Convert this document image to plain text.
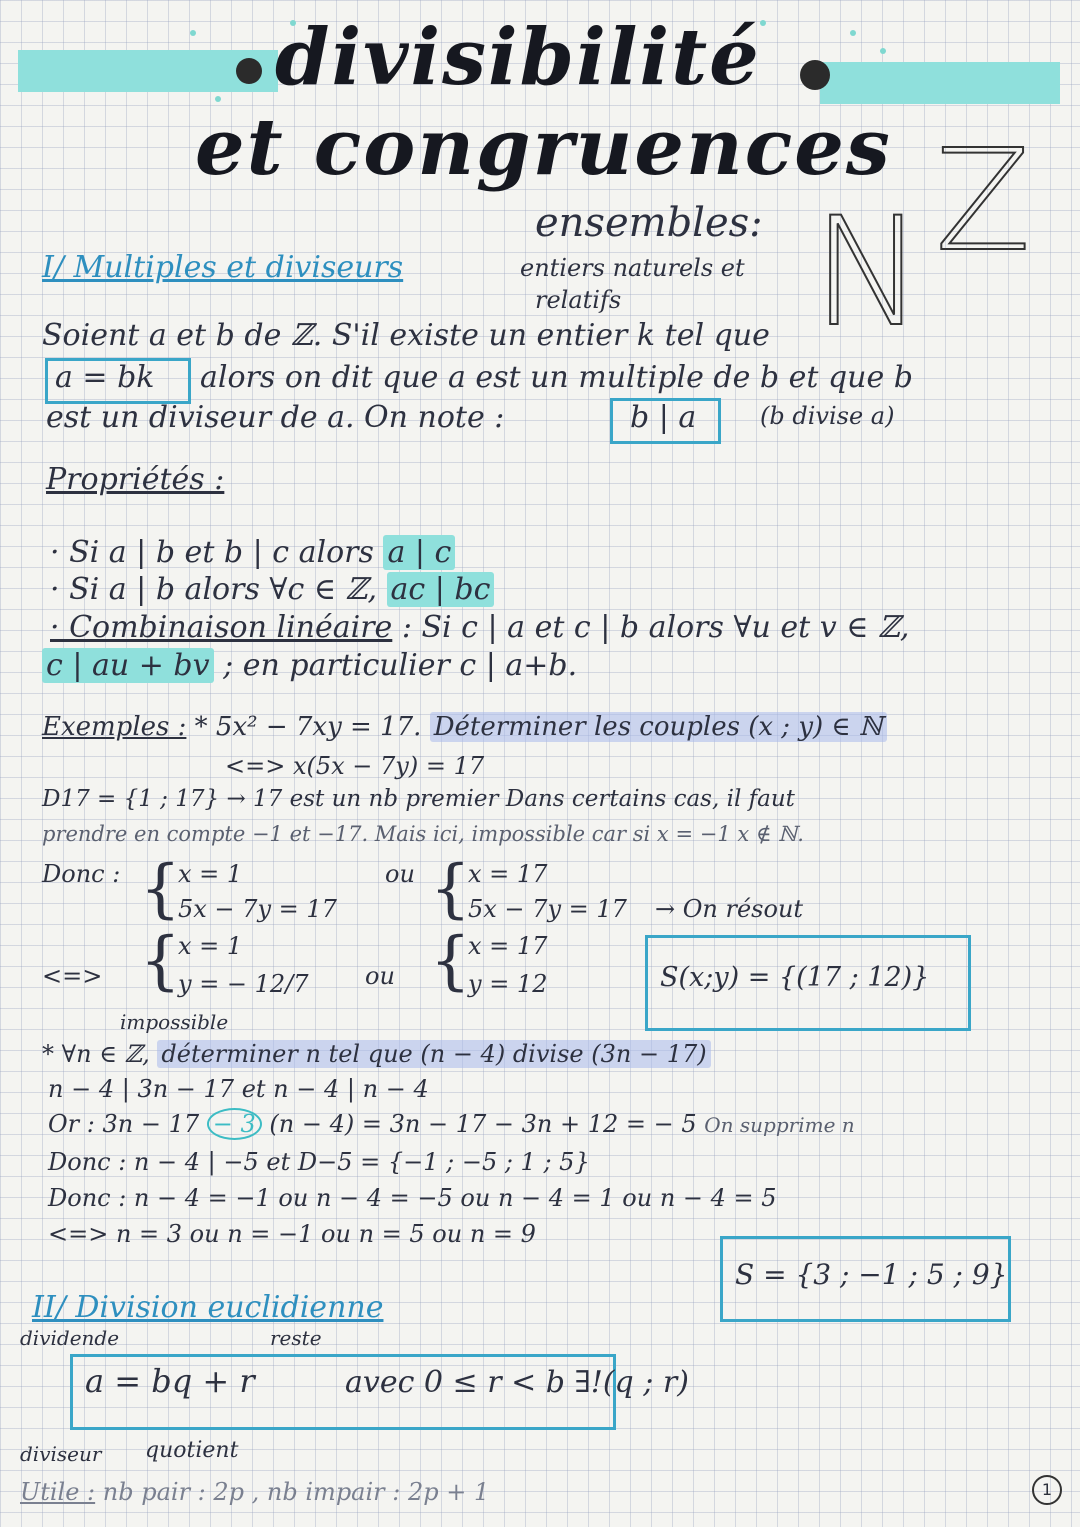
divisibilité
et congruences
ensembles:
entiers naturels et
relatifs N Z
I/ Multiples et diviseurs
Soient a et b de ℤ. S'il existe un entier k tel que
a = bk alors on dit que a est un multiple de b et que b
est un diviseur de a. On note :	b | a	(b divise a)
Propriétés :
· Si a | b et b | c alors a | c
· Si a | b alors ∀c ∈ ℤ, ac | bc
· Combinaison linéaire : Si c | a et c | b alors ∀u et v ∈ ℤ,
c | au + bv ; en particulier c | a+b.
Exemples : * 5x² − 7xy = 17. Déterminer les couples (x ; y) ∈ ℕ
<=> x(5x − 7y) = 17
D17 = {1 ; 17} → 17 est un nb premier Dans certains cas, il faut
prendre en compte −1 et −17. Mais ici, impossible car si x = −1 x ∉ ℕ.
Donc : {
x = 1
5x − 7y = 17
ou {
x = 17
5x − 7y = 17 → On résout
<=> {
x = 1
y = − 12/7
impossible
ou {
x = 17
y = 12	S(x;y) = {(17 ; 12)}
* ∀n ∈ ℤ, déterminer n tel que (n − 4) divise (3n − 17)
n − 4 | 3n − 17 et n − 4 | n − 4
Or : 3n − 17 − 3 (n − 4) = 3n − 17 − 3n + 12 = − 5 On supprime n
Donc : n − 4 | −5 et D−5 = {−1 ; −5 ; 1 ; 5}
Donc : n − 4 = −1 ou n − 4 = −5 ou n − 4 = 1 ou n − 4 = 5
<=> n = 3 ou n = −1 ou n = 5 ou n = 9
S = {3 ; −1 ; 5 ; 9}
II/ Division euclidienne
dividende	reste
a = bq + r	avec 0 ≤ r < b ∃!(q ; r)
diviseur quotient
Utile : nb pair : 2p , nb impair : 2p + 1	1
